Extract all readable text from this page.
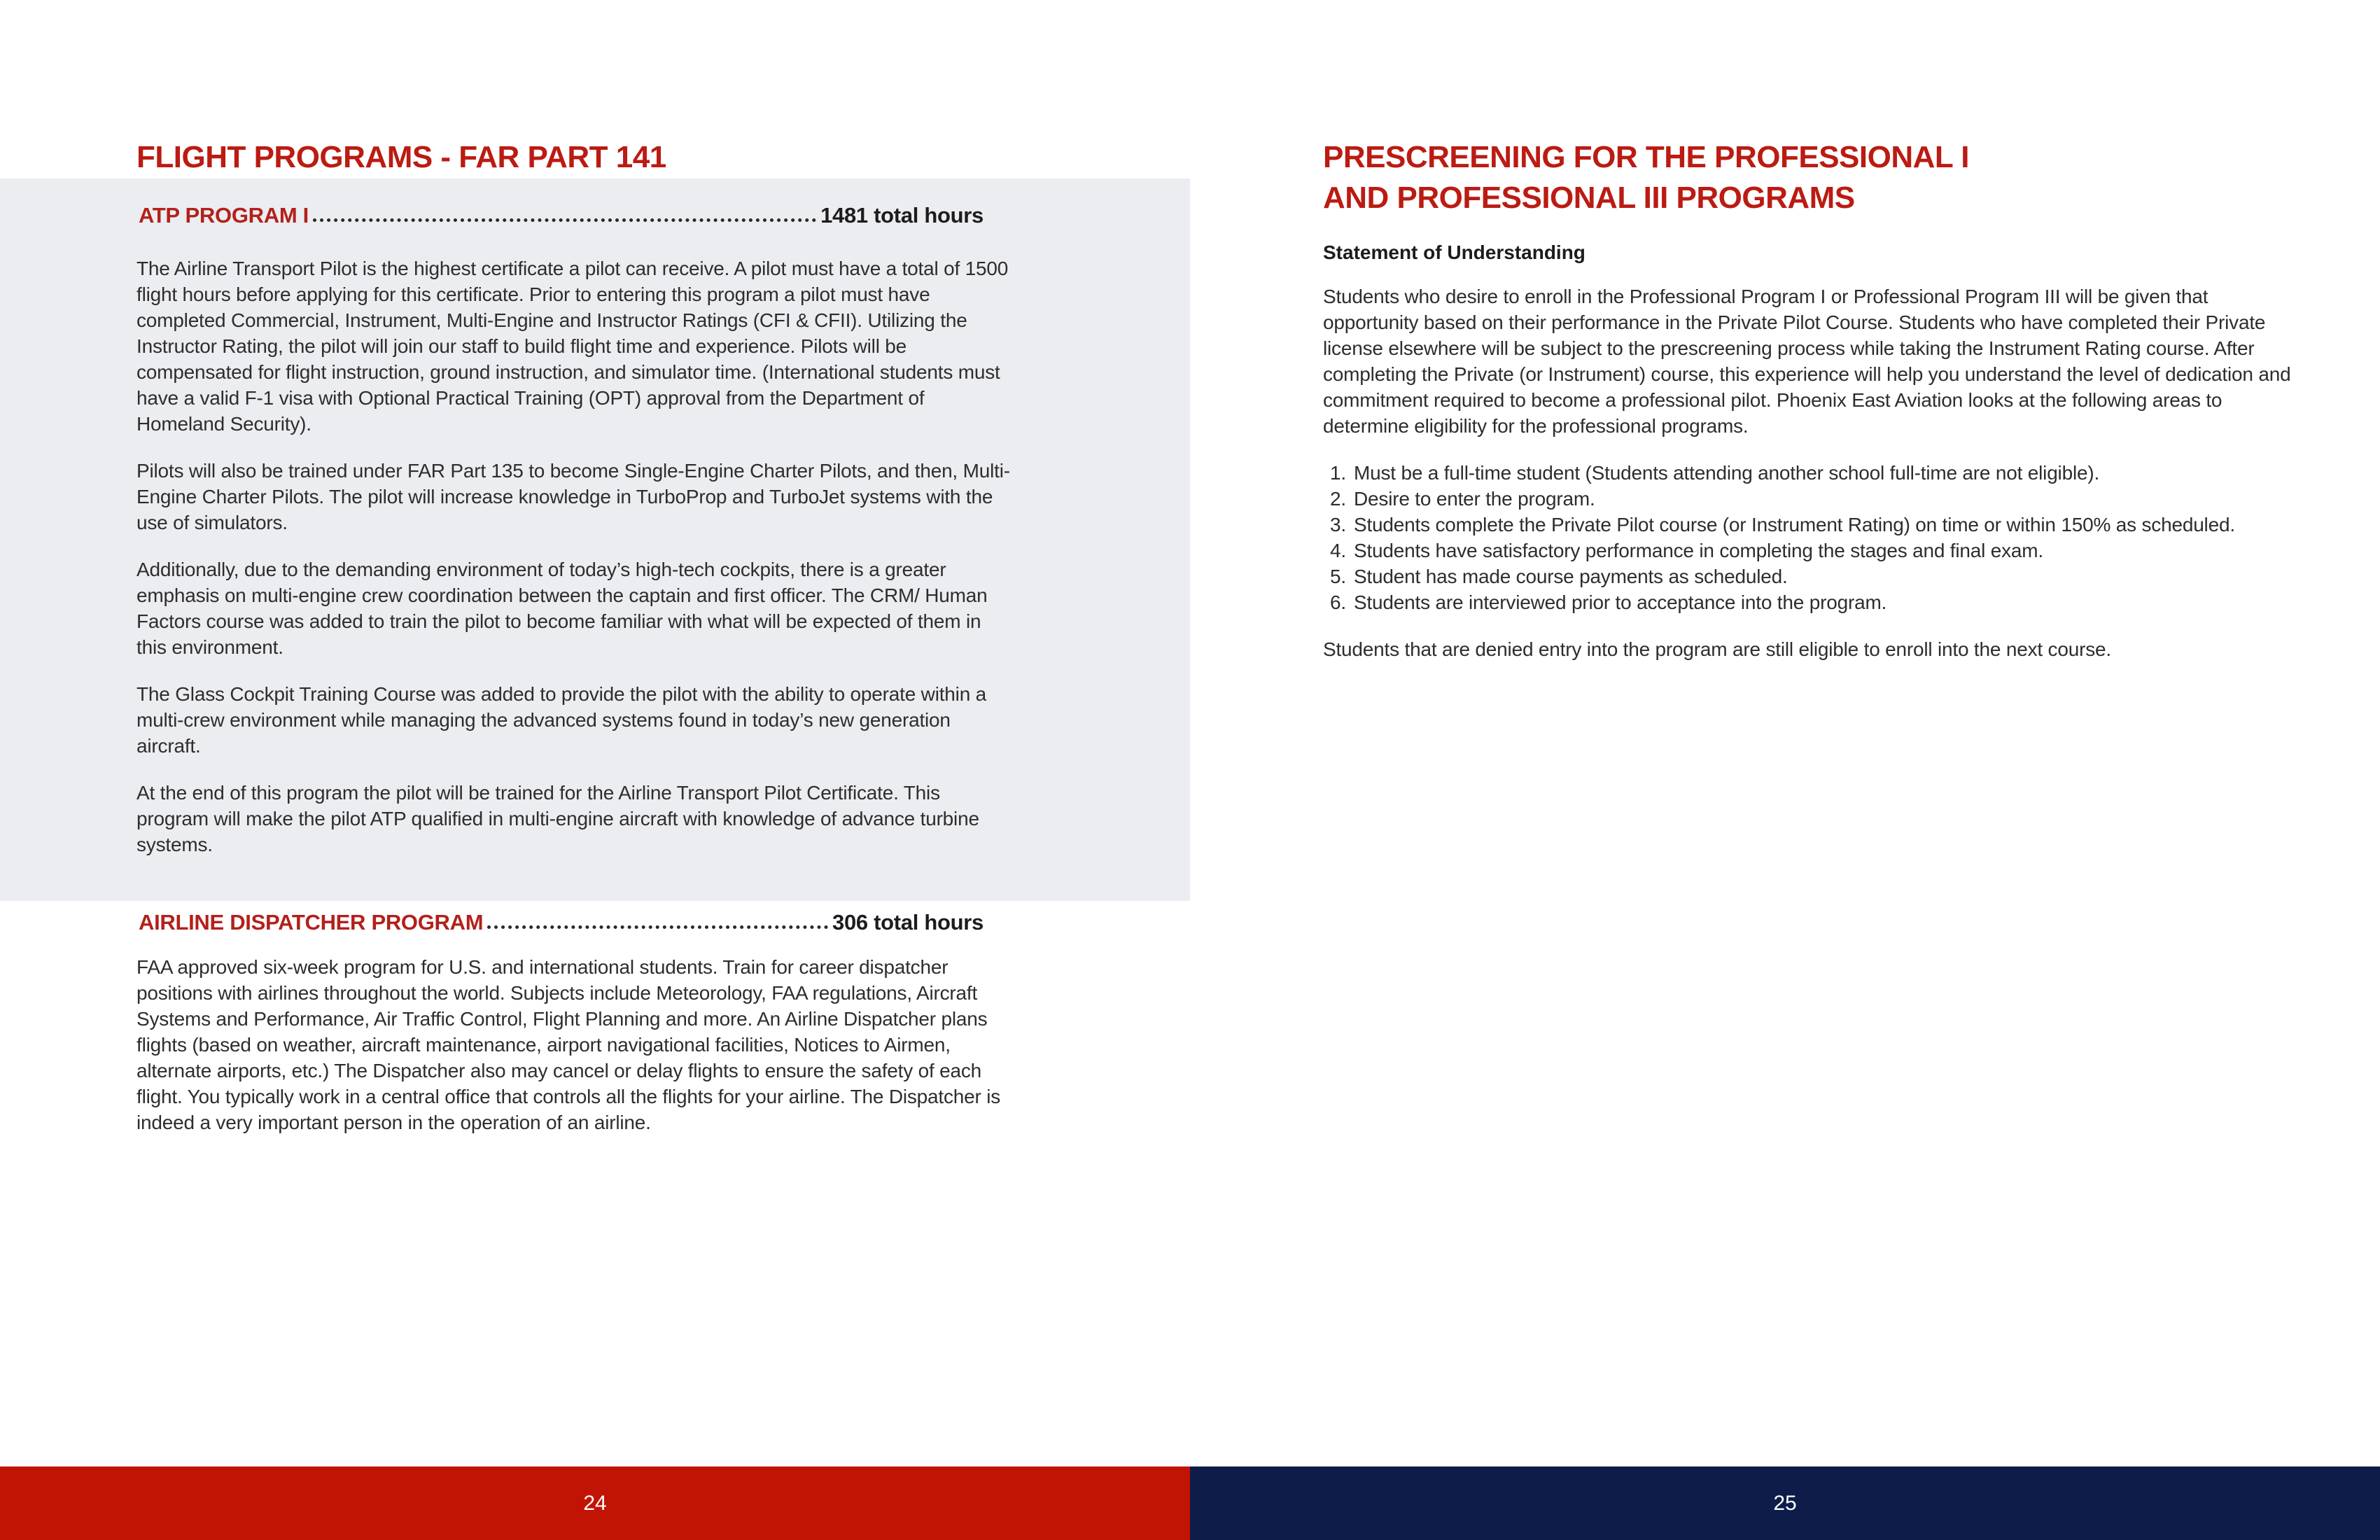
FLIGHT PROGRAMS - FAR PART 141
ATP PROGRAM I	1481 total hours

The Airline Transport Pilot is the highest certificate a pilot can receive. A pilot must have a total of 1500 flight hours before applying for this certificate. Prior to entering this program a pilot must have completed Commercial, Instrument, Multi-Engine and Instructor Ratings (CFI & CFII). Utilizing the Instructor Rating, the pilot will join our staff to build flight time and experience. Pilots will be compensated for flight instruction, ground instruction, and simulator time. (International students must have a valid F-1 visa with Optional Practical Training (OPT) approval from the Department of Homeland Security).

Pilots will also be trained under FAR Part 135 to become Single-Engine Charter Pilots, and then, Multi-Engine Charter Pilots. The pilot will increase knowledge in TurboProp and TurboJet systems with the use of simulators.

Additionally, due to the demanding environment of today’s high-tech cockpits, there is a greater emphasis on multi-engine crew coordination between the captain and first officer. The CRM/ Human Factors course was added to train the pilot to become familiar with what will be expected of them in this environment.

The Glass Cockpit Training Course was added to provide the pilot with the ability to operate within a multi-crew environment while managing the advanced systems found in today’s new generation aircraft.

At the end of this program the pilot will be trained for the Airline Transport Pilot Certificate. This program will make the pilot ATP qualified in multi-engine aircraft with knowledge of advance turbine systems.

AIRLINE DISPATCHER PROGRAM	306 total hours

FAA approved six-week program for U.S. and international students. Train for career dispatcher positions with airlines throughout the world. Subjects include Meteorology, FAA regulations, Aircraft Systems and Performance, Air Traffic Control, Flight Planning and more. An Airline Dispatcher plans flights (based on weather, aircraft maintenance, airport navigational facilities, Notices to Airmen, alternate airports, etc.) The Dispatcher also may cancel or delay flights to ensure the safety of each flight. You typically work in a central office that controls all the flights for your airline. The Dispatcher is indeed a very important person in the operation of an airline.

PRESCREENING FOR THE PROFESSIONAL I
AND PROFESSIONAL III PROGRAMS
Statement of Understanding

Students who desire to enroll in the Professional Program I or Professional Program III will be given that opportunity based on their performance in the Private Pilot Course. Students who have completed their Private license elsewhere will be subject to the prescreening process while taking the Instrument Rating course. After completing the Private (or Instrument) course, this experience will help you understand the level of dedication and commitment required to become a professional pilot. Phoenix East Aviation looks at the following areas to determine eligibility for the professional programs.

1. Must be a full-time student (Students attending another school full-time are not eligible).
2. Desire to enter the program.
3. Students complete the Private Pilot course (or Instrument Rating) on time or within 150% as scheduled.
4. Students have satisfactory performance in completing the stages and final exam.
5. Student has made course payments as scheduled.
6. Students are interviewed prior to acceptance into the program.

Students that are denied entry into the program are still eligible to enroll into the next course.

24	25
